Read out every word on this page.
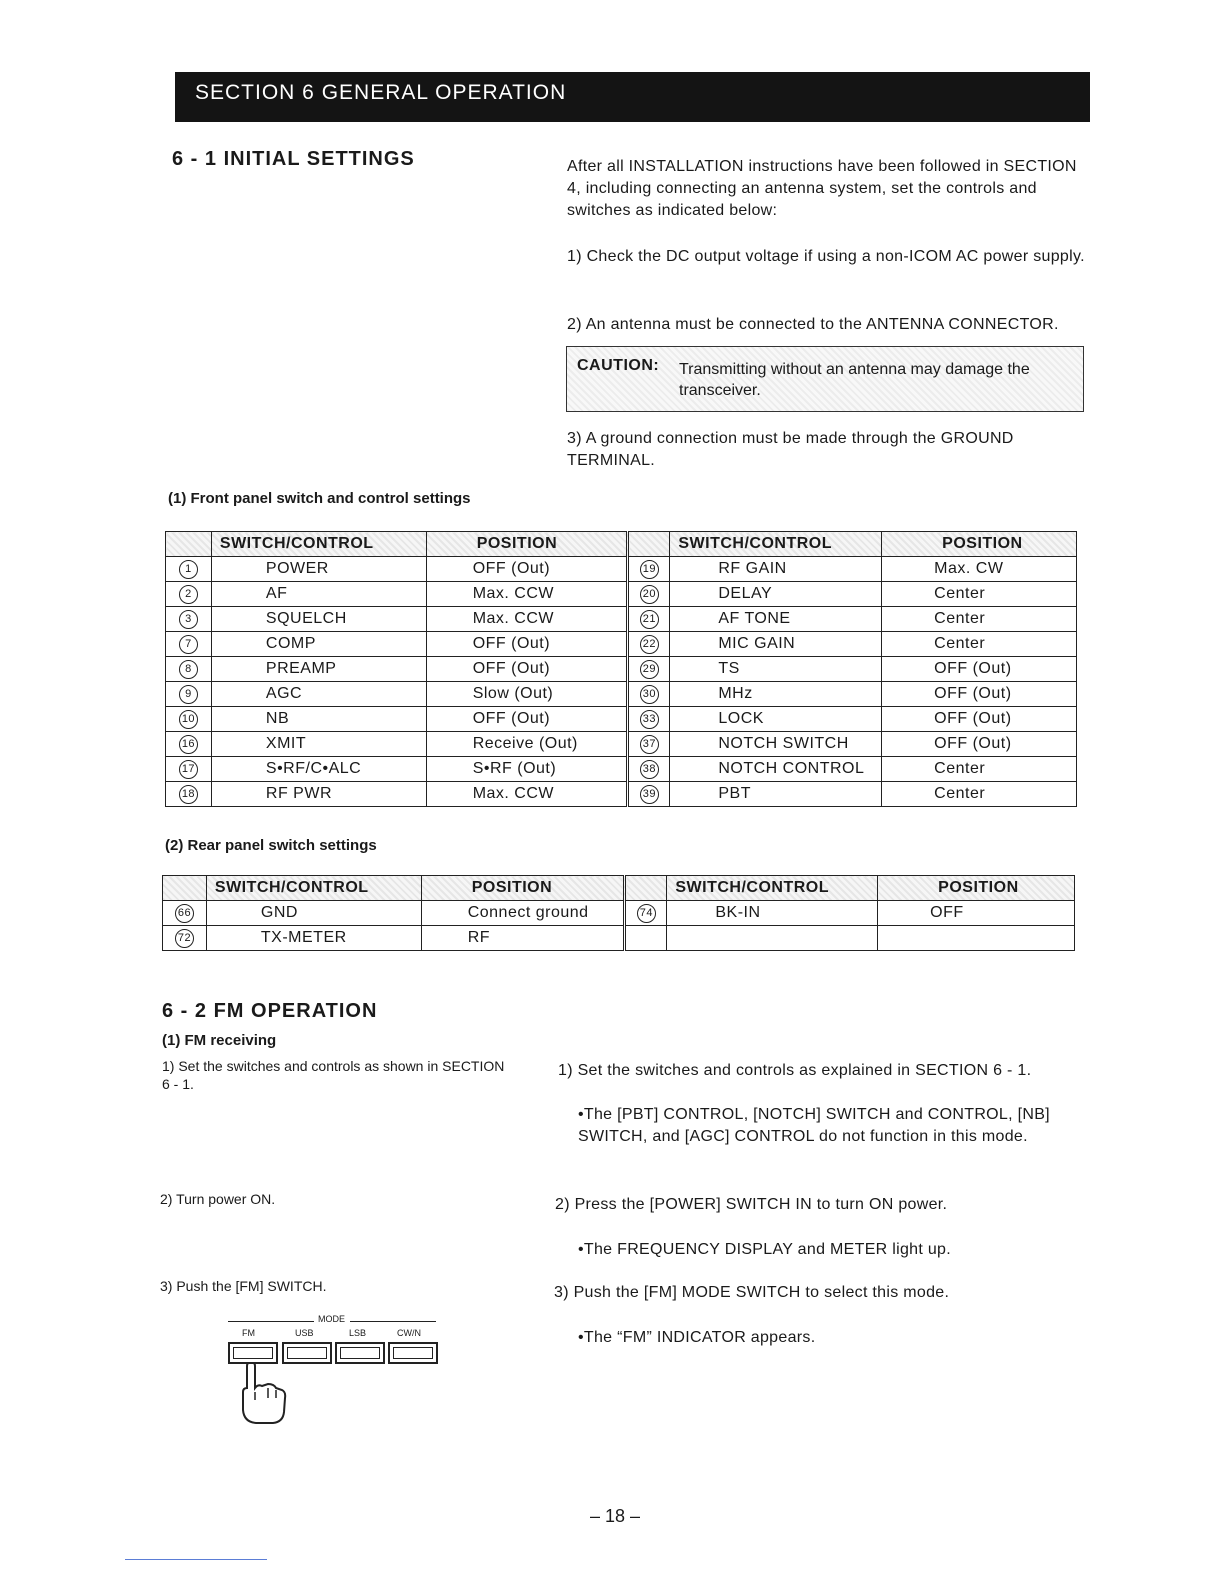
SECTION 6 GENERAL OPERATION
6 - 1 INITIAL SETTINGS	After all INSTALLATION instructions have been followed in SECTION 4, including connecting an antenna system, set the controls and switches as indicated below:
1) Check the DC output voltage if using a non-ICOM AC power supply.
2) An antenna must be connected to the ANTENNA CONNECTOR.
CAUTION: Transmitting without an antenna may damage the transceiver.
3) A ground connection must be made through the GROUND TERMINAL.
(1) Front panel switch and control settings
	SWITCH/CONTROL	POSITION		SWITCH/CONTROL	POSITION
1	POWER	OFF (Out)	19	RF GAIN	Max. CW
2	AF	Max. CCW	20	DELAY	Center
3	SQUELCH	Max. CCW	21	AF TONE	Center
7	COMP	OFF (Out)	22	MIC GAIN	Center
8	PREAMP	OFF (Out)	29	TS	OFF (Out)
9	AGC	Slow (Out)	30	MHz	OFF (Out)
10	NB	OFF (Out)	33	LOCK	OFF (Out)
16	XMIT	Receive (Out)	37	NOTCH SWITCH	OFF (Out)
17	S•RF/C•ALC	S•RF (Out)	38	NOTCH CONTROL	Center
18	RF PWR	Max. CCW	39	PBT	Center
(2) Rear panel switch settings
	SWITCH/CONTROL	POSITION		SWITCH/CONTROL	POSITION
66	GND	Connect ground	74	BK-IN	OFF
72	TX-METER	RF			
6 - 2 FM OPERATION
(1) FM receiving
1) Set the switches and controls as shown in SECTION 6 - 1.
2) Turn power ON.
3) Push the [FM] SWITCH.
1) Set the switches and controls as explained in SECTION 6 - 1.
•The [PBT] CONTROL, [NOTCH] SWITCH and CONTROL, [NB] SWITCH, and [AGC] CONTROL do not function in this mode.
2) Press the [POWER] SWITCH IN to turn ON power.
•The FREQUENCY DISPLAY and METER light up.
3) Push the [FM] MODE SWITCH to select this mode.
•The “FM” INDICATOR appears.
MODE
FM	USB	LSB	CW/N
– 18 –
